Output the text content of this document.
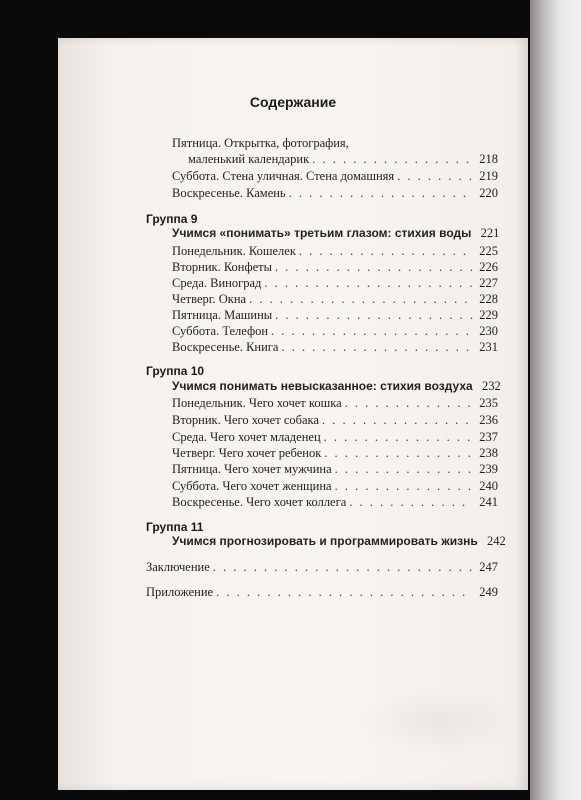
Содержание
Пятница. Открытка, фотография,
маленький календарик . . .	218
Суббота. Стена уличная. Стена домашняя . . .	219
Воскресенье. Камень . . .	220
Группа 9
Учимся «понимать» третьим глазом: стихия воды 221
Понедельник. Кошелек . . .	225
Вторник. Конфеты . . .	226
Среда. Виноград . . .	227
Четверг. Окна . . .	228
Пятница. Машины . . .	229
Суббота. Телефон . . .	230
Воскресенье. Книга . . .	231
Группа 10
Учимся понимать невысказанное: стихия воздуха 232
Понедельник. Чего хочет кошка . . .	235
Вторник. Чего хочет собака . . .	236
Среда. Чего хочет младенец . . .	237
Четверг. Чего хочет ребенок . . .	238
Пятница. Чего хочет мужчина . . .	239
Суббота. Чего хочет женщина . . .	240
Воскресенье. Чего хочет коллега . . .	241
Группа 11
Учимся прогнозировать и программировать жизнь 242
Заключение . . .	247
Приложение . . .	249
